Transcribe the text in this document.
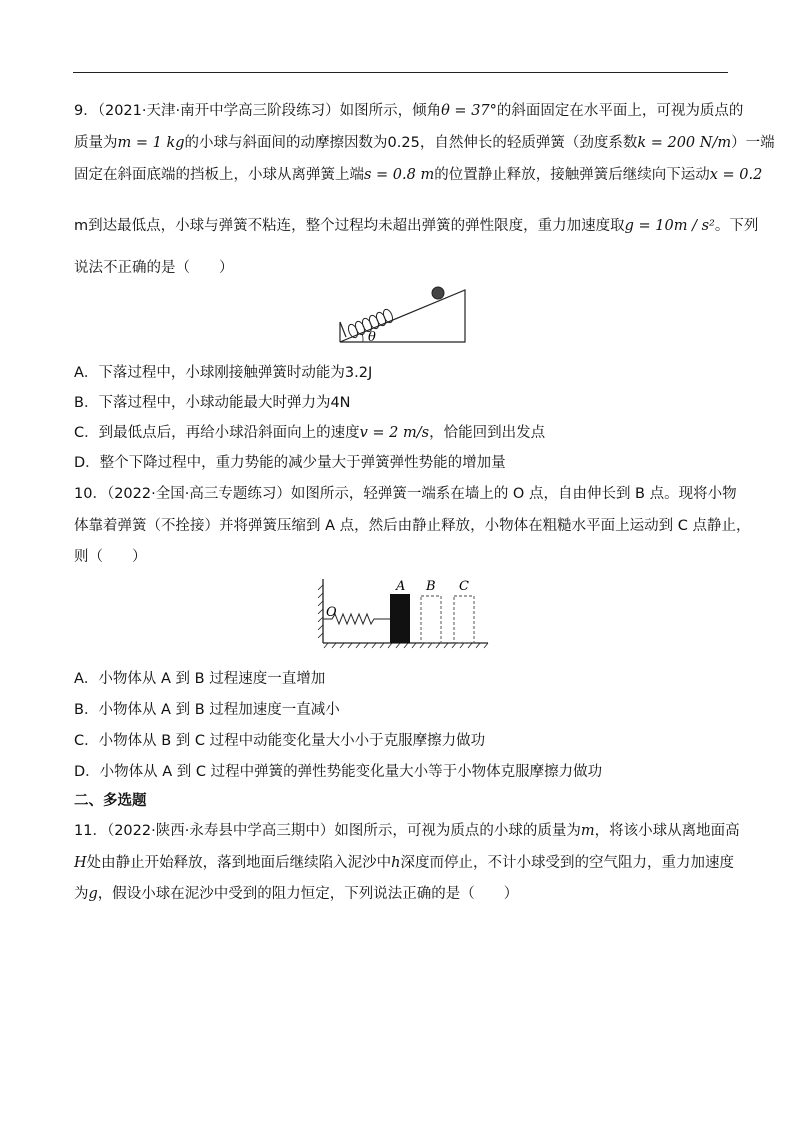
9．（2021·天津·南开中学高三阶段练习）如图所示，倾角θ = 37°的斜面固定在水平面上，可视为质点的
质量为m = 1 kg的小球与斜面间的动摩擦因数为0.25，自然伸长的轻质弹簧（劲度系数k = 200 N/m）一端
固定在斜面底端的挡板上，小球从离弹簧上端s = 0.8 m的位置静止释放，接触弹簧后继续向下运动x = 0.2
m到达最低点，小球与弹簧不粘连，整个过程均未超出弹簧的弹性限度，重力加速度取g = 10m / s²。下列
说法不正确的是（　　）
θ
A．下落过程中，小球刚接触弹簧时动能为3.2J
B．下落过程中，小球动能最大时弹力为4N
C．到最低点后，再给小球沿斜面向上的速度v = 2 m/s，恰能回到出发点
D．整个下降过程中，重力势能的减少量大于弹簧弹性势能的增加量
10．（2022·全国·高三专题练习）如图所示，轻弹簧一端系在墙上的 O 点，自由伸长到 B 点。现将小物
体靠着弹簧（不拴接）并将弹簧压缩到 A 点，然后由静止释放，小物体在粗糙水平面上运动到 C 点静止，
则（　　）
O
A B C
A．小物体从 A 到 B 过程速度一直增加
B．小物体从 A 到 B 过程加速度一直减小
C．小物体从 B 到 C 过程中动能变化量大小小于克服摩擦力做功
D．小物体从 A 到 C 过程中弹簧的弹性势能变化量大小等于小物体克服摩擦力做功
二、多选题
11．（2022·陕西·永寿县中学高三期中）如图所示，可视为质点的小球的质量为m，将该小球从离地面高
H处由静止开始释放，落到地面后继续陷入泥沙中h深度而停止，不计小球受到的空气阻力，重力加速度
为g，假设小球在泥沙中受到的阻力恒定，下列说法正确的是（　　）
